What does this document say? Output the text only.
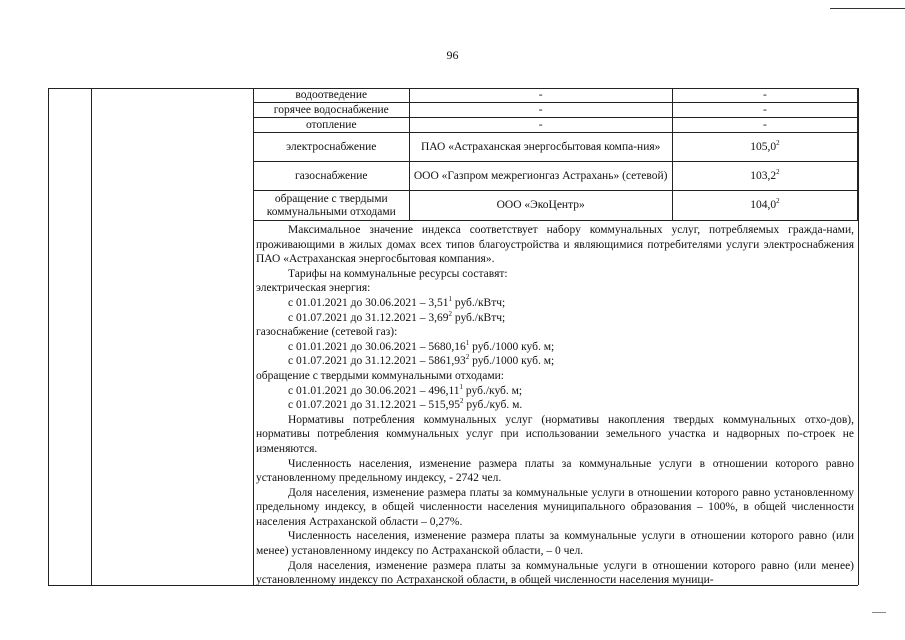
96
водоотведение	-	-
горячее водоснабжение	-	-
отопление	-	-
электроснабжение	ПАО «Астраханская энергосбытовая компа-ния»	105,0$^2$
газоснабжение	ООО «Газпром межрегионгаз Астрахань» (сетевой)	103,2$^2$
обращение с твердыми коммунальными отходами	ООО «ЭкоЦентр»	104,0$^2$

Максимальное значение индекса соответствует набору коммунальных услуг, потребляемых гражда-нами, проживающими в жилых домах всех типов благоустройства и являющимися потребителями услуги электроснабжения ПАО «Астраханская энергосбытовая компания».

Тарифы на коммунальные ресурсы составят:

электрическая энергия:

с 01.01.2021 до 30.06.2021 – 3,51$^1$ руб./кВтч;

с 01.07.2021 до 31.12.2021 – 3,69$^2$ руб./кВтч;

газоснабжение (сетевой газ):

с 01.01.2021 до 30.06.2021 – 5680,16$^1$ руб./1000 куб. м;

с 01.07.2021 до 31.12.2021 – 5861,93$^2$ руб./1000 куб. м;

обращение с твердыми коммунальными отходами:

с 01.01.2021 до 30.06.2021 – 496,11$^1$ руб./куб. м;

с 01.07.2021 до 31.12.2021 – 515,95$^2$ руб./куб. м.

Нормативы потребления коммунальных услуг (нормативы накопления твердых коммунальных отхо-дов), нормативы потребления коммунальных услуг при использовании земельного участка и надворных по-строек не изменяются.

Численность населения, изменение размера платы за коммунальные услуги в отношении которого равно установленному предельному индексу, - 2742 чел.

Доля населения, изменение размера платы за коммунальные услуги в отношении которого равно установленному предельному индексу, в общей численности населения муниципального образования – 100%, в общей численности населения Астраханской области – 0,27%.

Численность населения, изменение размера платы за коммунальные услуги в отношении которого равно (или менее) установленному индексу по Астраханской области, – 0 чел.

Доля населения, изменение размера платы за коммунальные услуги в отношении которого равно (или менее) установленному индексу по Астраханской области, в общей численности населения муници-
